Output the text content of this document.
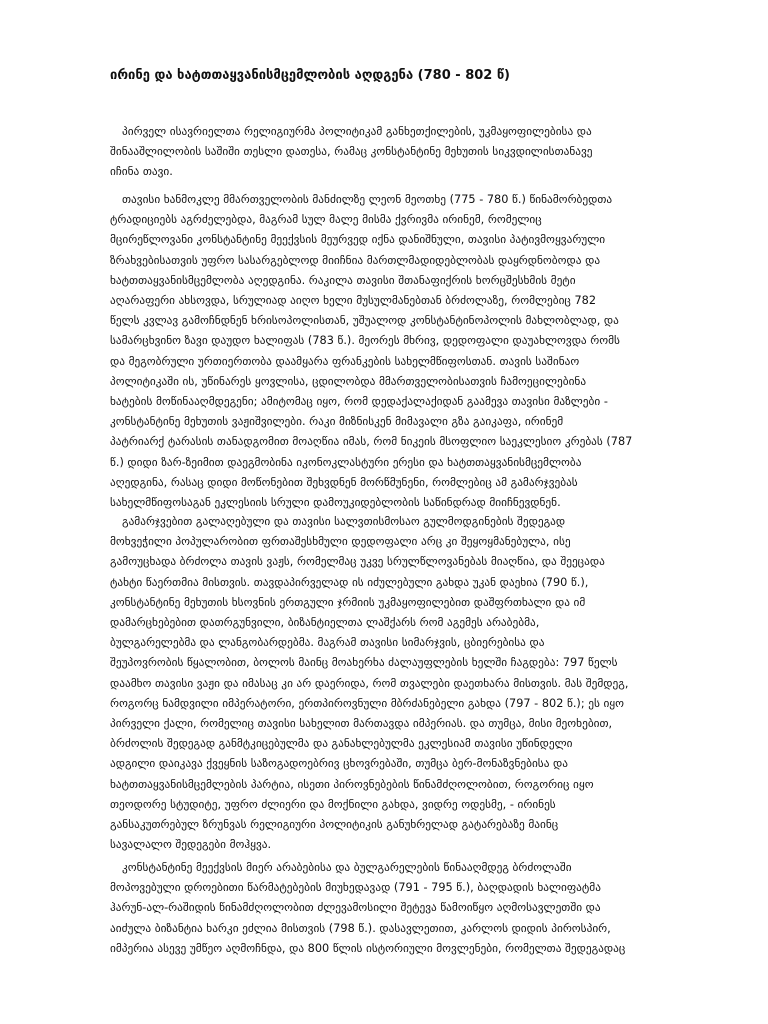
ირინე და ხატთთაყვანისმცემლობის აღდგენა (780 - 802 წ)
პირველ ისავრიელთა რელიგიურმა პოლიტიკამ განხეთქილების, უკმაყოფილებისა და
შინააშლილობის საშიში თესლი დათესა, რამაც კონსტანტინე მეხუთის სიკვდილისთანავე
იჩინა თავი.
თავისი ხანმოკლე მმართველობის მანძილზე ლეონ მეოთხე (775 - 780 წ.) წინამორბედთა
ტრადიციებს აგრძელებდა, მაგრამ სულ მალე მისმა ქვრივმა ირინემ, რომელიც
მცირეწლოვანი კონსტანტინე მეექვსის მეურვედ იქნა დანიშნული, თავისი პატივმოყვარული
ზრახვებისათვის უფრო სასარგებლოდ მიიჩნია მართლმადიდებლობას დაყრდნობოდა და
ხატთთაყვანისმცემლობა აღედგინა. რაკილა თავისი შთანაფიქრის ხორცშესხმის მეტი
აღარაფერი ახსოვდა, სრულიად აიღო ხელი მუსულმანებთან ბრძოლაზე, რომლებიც 782
წელს კვლავ გამოჩნდნენ ხრისოპოლისთან, უშუალოდ კონსტანტინოპოლის მახლობლად, და
სამარცხვინო ზავი დაუდო ხალიფას (783 წ.). მეორეს მხრივ, დედოფალი დაუახლოვდა რომს
და მეგობრული ურთიერთობა დაამყარა ფრანკების სახელმწიფოსთან. თავის საშინაო
პოლიტიკაში ის, უწინარეს ყოვლისა, ცდილობდა მმართველობისათვის ჩამოეცილებინა
ხატების მოწინააღმდეგენი; ამიტომაც იყო, რომ დედაქალაქიდან გაამევა თავისი მაზლები -
კონსტანტინე მეხუთის ვაჟიშვილები. რაკი მიზნისკენ მიმავალი გზა გაიკაფა, ირინემ
პატრიარქ ტარასის თანადგომით მოაღწია იმას, რომ ნიკეის მსოფლიო საეკლესიო კრებას (787
წ.) დიდი ზარ-ზეიმით დაეგმობინა იკონოკლასტური ერესი და ხატთთაყვანისმცემლობა
აღედგინა, რასაც დიდი მოწონებით შეხვდნენ მორწმუნენი, რომლებიც ამ გამარჯვებას
სახელმწიფოსაგან ეკლესიის სრული დამოუკიდებლობის საწინდრად მიიჩნევდნენ.
გამარჯვებით გალაღებული და თავისი სალვთისმოსაო გულმოდგინების შედეგად
მოხვეჭილი პოპულარობით ფრთაშესხმული დედოფალი არც კი შეყოყმანებულა, ისე
გამოუცხადა ბრძოლა თავის ვაჟს, რომელმაც უკვე სრულწლოვანებას მიაღწია, და შეეცადა
ტახტი წაერთმია მისთვის. თავდაპირველად ის იძულებული გახდა უკან დაეხია (790 წ.),
კონსტანტინე მეხუთის ხსოვნის ერთგული ჯრმიის უკმაყოფილებით დაშფრთხალი და იმ
დამარცხებებით დათრგუნვილი, ბიზანტიელთა ლაშქარს რომ აგემეს არაბებმა,
ბულგარელებმა და ლანგობარდებმა. მაგრამ თავისი სიმარჯვის, ცბიერებისა და
შეუპოვრობის წყალობით, ბოლოს მაინც მოახერხა ძალაუფლების ხელში ჩაგდება: 797 წელს
დაამხო თავისი ვაჟი და იმასაც კი არ დაერიდა, რომ თვალები დაეთხარა მისთვის. მას შემდეგ,
როგორც ნამდვილი იმპერატორი, ერთპიროვნული მბრძანებელი გახდა (797 - 802 წ.); ეს იყო
პირველი ქალი, რომელიც თავისი სახელით მართავდა იმპერიას. და თუმცა, მისი მეოხებით,
ბრძოლის შედეგად განმტკიცებულმა და განახლებულმა ეკლესიამ თავისი უწინდელი
ადგილი დაიკავა ქვეყნის საზოგადოებრივ ცხოვრებაში, თუმცა ბერ-მონაზვნებისა და
ხატთთაყვანისმცემლების პარტია, ისეთი პიროვნებების წინამძღოლობით, როგორიც იყო
თეოდორე სტუდიტე, უფრო ძლიერი და მოქნილი გახდა, ვიდრე ოდესმე, - ირინეს
განსაკუთრებულ ზრუნვას რელიგიური პოლიტიკის განუხრელად გატარებაზე მაინც
სავალალო შედეგები მოჰყვა.
კონსტანტინე მეექვსის მიერ არაბებისა და ბულგარელების წინააღმდეგ ბრძოლაში
მოპოვებული დროებითი წარმატებების მიუხედავად (791 - 795 წ.), ბაღდადის ხალიფატმა
ჰარუნ-ალ-რაშიდის წინამძღოლობით ძლევამოსილი შეტევა წამოიწყო აღმოსავლეთში და
აიძულა ბიზანტია ხარკი ეძლია მისთვის (798 წ.). დასავლეთით, კარლოს დიდის პიროსპირ,
იმპერია ასევე უმწეო აღმოჩნდა, და 800 წლის ისტორიული მოვლენები, რომელთა შედეგადაც
